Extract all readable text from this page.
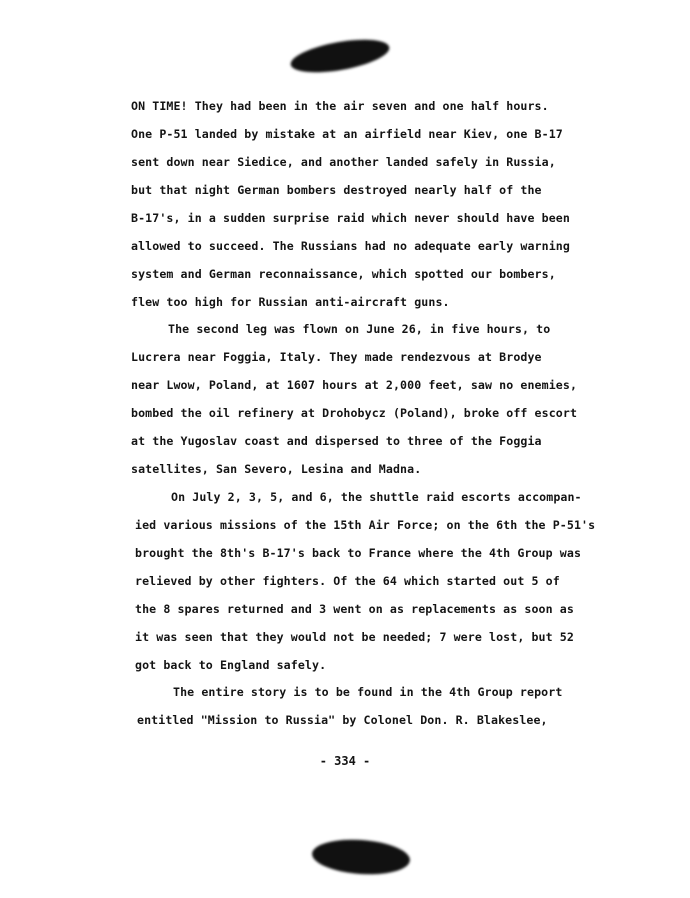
ON TIME! They had been in the air seven and one half hours.
One P-51 landed by mistake at an airfield near Kiev, one B-17
sent down near Siedice, and another landed safely in Russia,
but that night German bombers destroyed nearly half of the
B-17's, in a sudden surprise raid which never should have been
allowed to succeed. The Russians had no adequate early warning
system and German reconnaissance, which spotted our bombers,
flew too high for Russian anti-aircraft guns.
The second leg was flown on June 26, in five hours, to
Lucrera near Foggia, Italy. They made rendezvous at Brodye
near Lwow, Poland, at 1607 hours at 2,000 feet, saw no enemies,
bombed the oil refinery at Drohobycz (Poland), broke off escort
at the Yugoslav coast and dispersed to three of the Foggia
satellites, San Severo, Lesina and Madna.
On July 2, 3, 5, and 6, the shuttle raid escorts accompan-
ied various missions of the 15th Air Force; on the 6th the P-51's
brought the 8th's B-17's back to France where the 4th Group was
relieved by other fighters. Of the 64 which started out 5 of
the 8 spares returned and 3 went on as replacements as soon as
it was seen that they would not be needed; 7 were lost, but 52
got back to England safely.
The entire story is to be found in the 4th Group report
entitled "Mission to Russia" by Colonel Don. R. Blakeslee,
- 334 -
